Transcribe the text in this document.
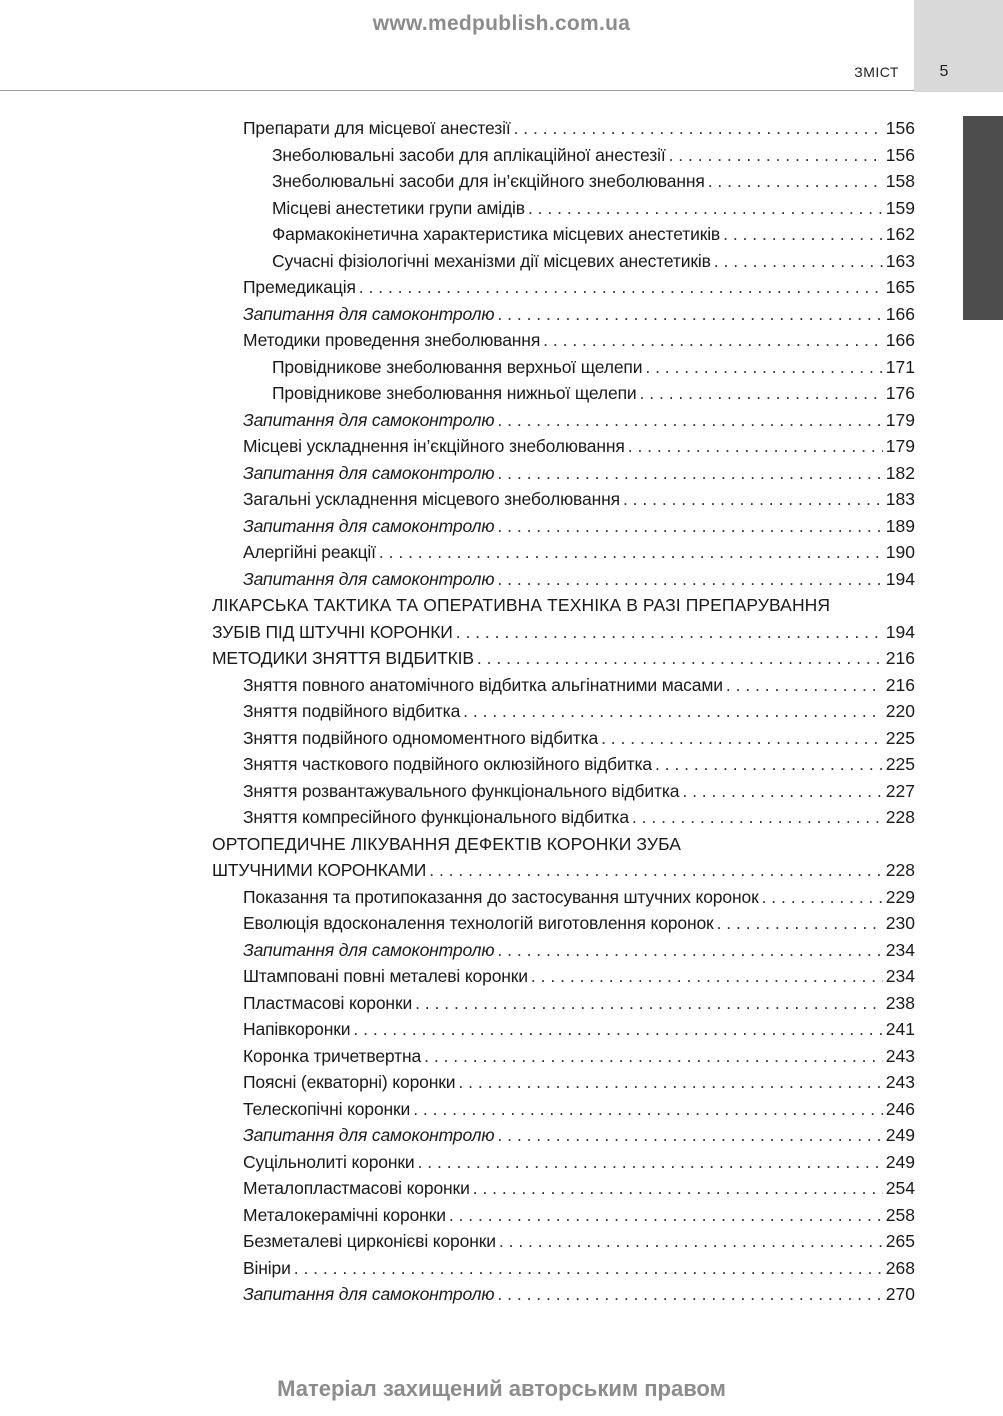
www.medpublish.com.ua
5
ЗМІСТ
Препарати для місцевої анестезії . . .	156
Знеболювальні засоби для аплікаційної анестезії . . .	156
Знеболювальні засоби для ін’єкційного знеболювання . . .	158
Місцеві анестетики групи амідів . . .	159
Фармакокінетична характеристика місцевих анестетиків . . .	162
Сучасні фізіологічні механізми дії місцевих анестетиків . . .	163
Премедикація . . .	165
Запитання для самоконтролю . . .	166
Методики проведення знеболювання . . .	166
Провідникове знеболювання верхньої щелепи . . .	171
Провідникове знеболювання нижньої щелепи . . .	176
Запитання для самоконтролю . . .	179
Місцеві ускладнення ін’єкційного знеболювання . . .	179
Запитання для самоконтролю . . .	182
Загальні ускладнення місцевого знеболювання . . .	183
Запитання для самоконтролю . . .	189
Алергійні реакції . . .	190
Запитання для самоконтролю . . .	194
ЛІКАРСЬКА ТАКТИКА ТА ОПЕРАТИВНА ТЕХНІКА В РАЗІ ПРЕПАРУВАННЯ
ЗУБІВ ПІД ШТУЧНІ КОРОНКИ . . .	194
МЕТОДИКИ ЗНЯТТЯ ВІДБИТКІВ . . .	216
Зняття повного анатомічного відбитка альгінатними масами . . .	216
Зняття подвійного відбитка . . .	220
Зняття подвійного одномоментного відбитка . . .	225
Зняття часткового подвійного оклюзійного відбитка . . .	225
Зняття розвантажувального функціонального відбитка . . .	227
Зняття компресійного функціонального відбитка . . .	228
ОРТОПЕДИЧНЕ ЛІКУВАННЯ ДЕФЕКТІВ КОРОНКИ ЗУБА
ШТУЧНИМИ КОРОНКАМИ . . .	228
Показання та протипоказання до застосування штучних коронок . . .	229
Еволюція вдосконалення технологій виготовлення коронок . . .	230
Запитання для самоконтролю . . .	234
Штамповані повні металеві коронки . . .	234
Пластмасові коронки . . .	238
Напівкоронки . . .	241
Коронка тричетвертна . . .	243
Поясні (екваторні) коронки . . .	243
Телескопічні коронки . . .	246
Запитання для самоконтролю . . .	249
Суцільнолиті коронки . . .	249
Металопластмасові коронки . . .	254
Металокерамічні коронки . . .	258
Безметалеві цирконієві коронки . . .	265
Вініри . . .	268
Запитання для самоконтролю . . .	270
Матеріал захищений авторським правом
